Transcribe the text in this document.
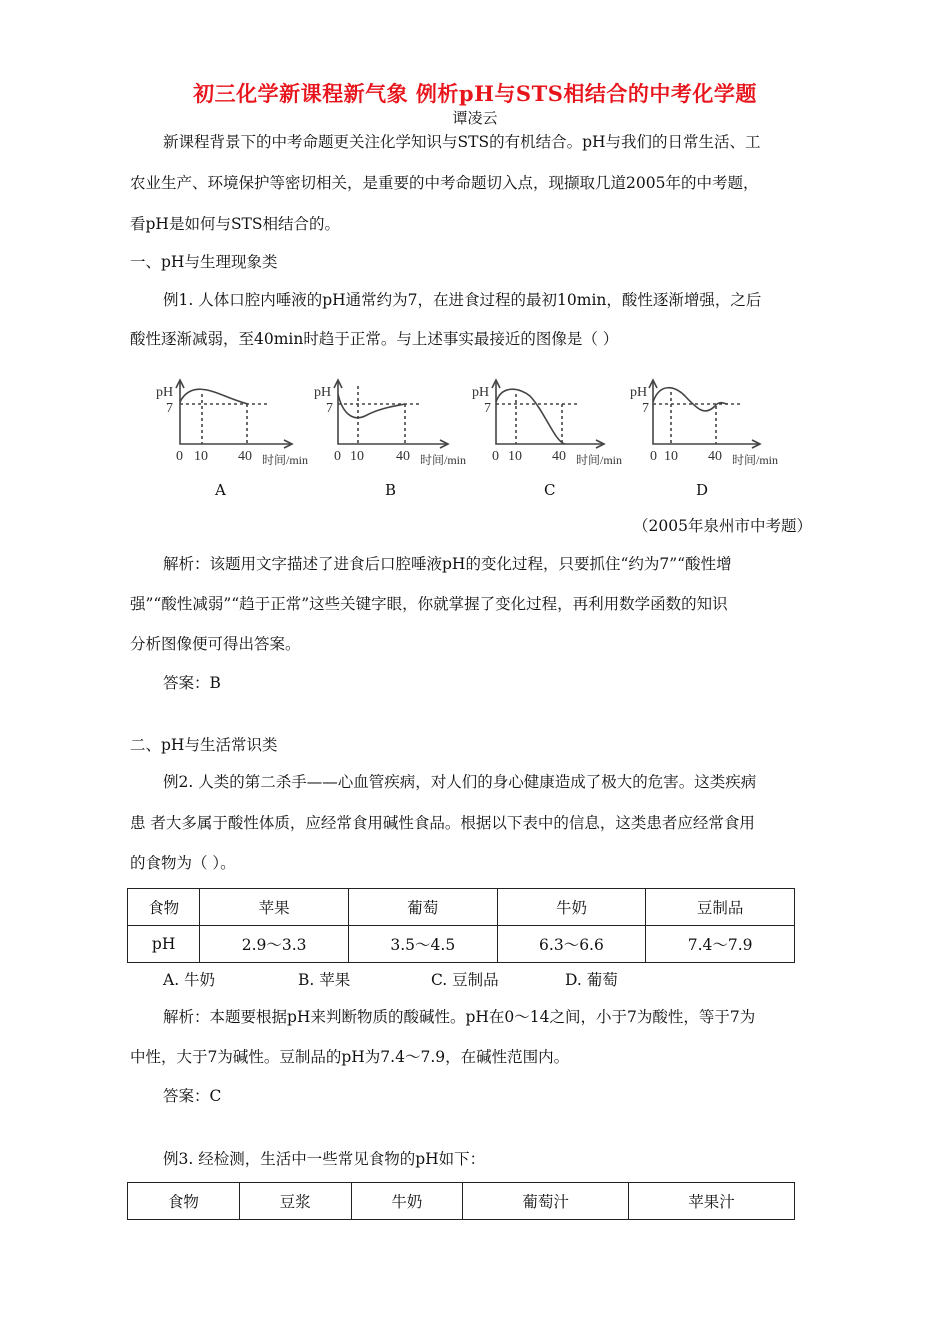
初三化学新课程新气象 例析pH与STS相结合的中考化学题
谭凌云
新课程背景下的中考命题更关注化学知识与STS的有机结合。pH与我们的日常生活、工
农业生产、环境保护等密切相关，是重要的中考命题切入点，现撷取几道2005年的中考题，
看pH是如何与STS相结合的。
一、pH与生理现象类
例1. 人体口腔内唾液的pH通常约为7，在进食过程的最初10min，酸性逐渐增强，之后
酸性逐渐减弱，至40min时趋于正常。与上述事实最接近的图像是（ ）
pH
7
0 10 40 时间/min
pH
7
0 10 40 时间/min
pH
7
0 10 40 时间/min
pH
7
0 10 40 时间/min
A	B	C	D
（2005年泉州市中考题）
解析：该题用文字描述了进食后口腔唾液pH的变化过程，只要抓住“约为7”“酸性增
强”“酸性减弱”“趋于正常”这些关键字眼，你就掌握了变化过程，再利用数学函数的知识
分析图像便可得出答案。
答案：B
二、pH与生活常识类
例2. 人类的第二杀手——心血管疾病，对人们的身心健康造成了极大的危害。这类疾病
患 者大多属于酸性体质，应经常食用碱性食品。根据以下表中的信息，这类患者应经常食用
的食物为（ ）。
食物	苹果	葡萄	牛奶	豆制品
pH	2.9～3.3	3.5～4.5	6.3～6.6	7.4～7.9
A. 牛奶	B. 苹果	C. 豆制品	D. 葡萄
解析：本题要根据pH来判断物质的酸碱性。pH在0～14之间，小于7为酸性，等于7为
中性，大于7为碱性。豆制品的pH为7.4～7.9，在碱性范围内。
答案：C
例3. 经检测，生活中一些常见食物的pH如下：
食物	豆浆	牛奶	葡萄汁	苹果汁
